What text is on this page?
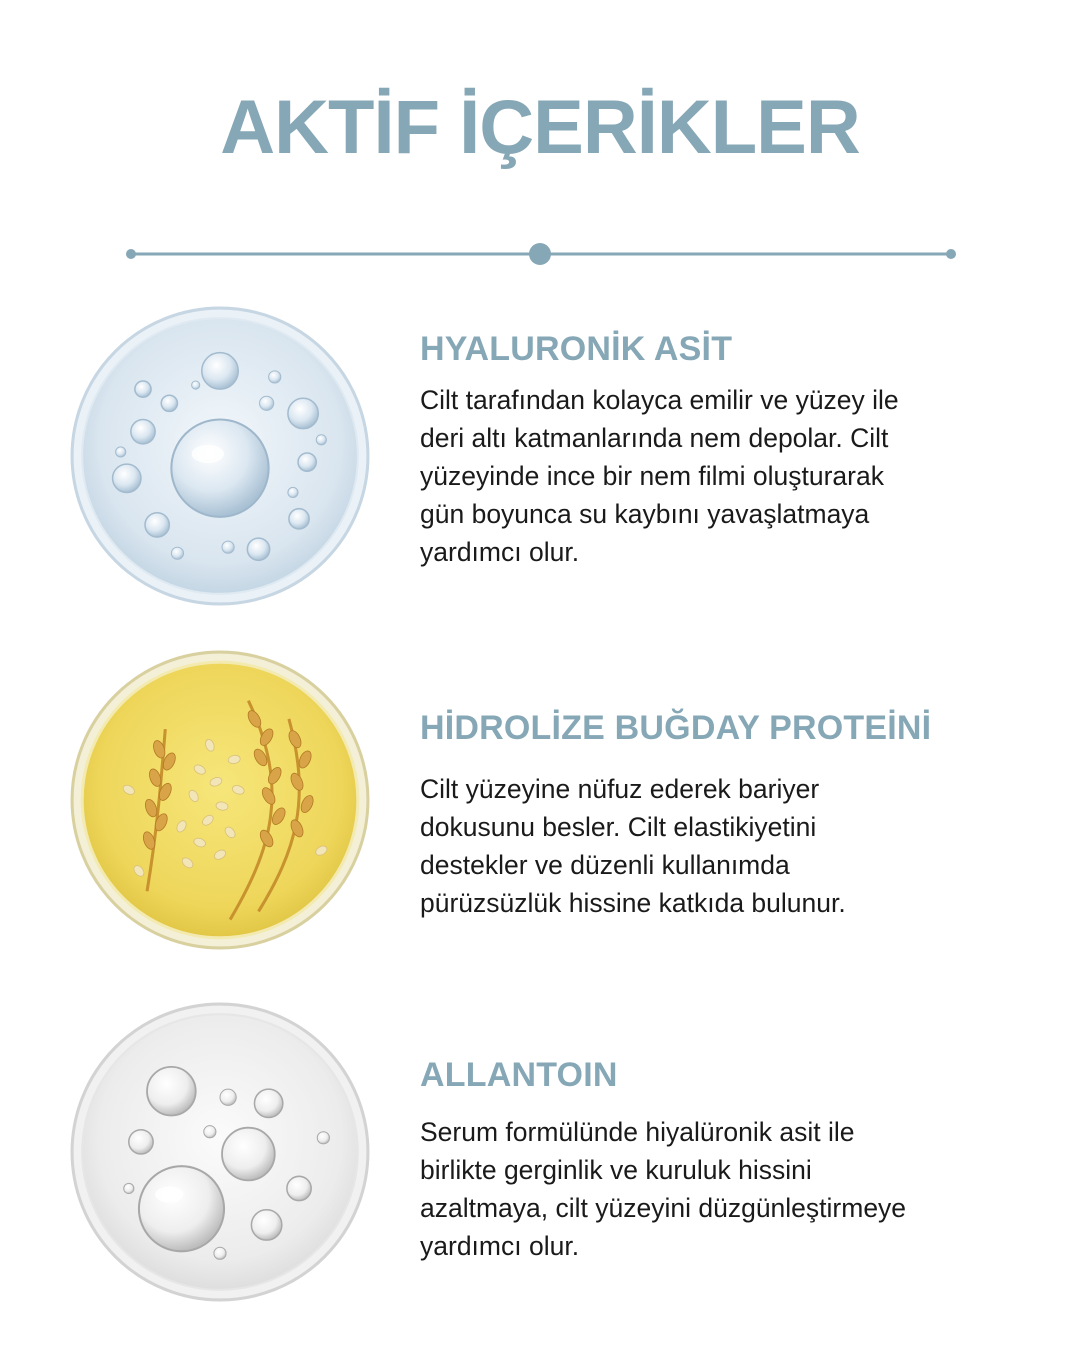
AKTİF İÇERİKLER
HYALURONİK ASİT
Cilt tarafından kolayca emilir ve yüzey ile
deri altı katmanlarında nem depolar. Cilt
yüzeyinde ince bir nem filmi oluşturarak
gün boyunca su kaybını yavaşlatmaya
yardımcı olur.
HİDROLİZE BUĞDAY PROTEİNİ
Cilt yüzeyine nüfuz ederek bariyer
dokusunu besler. Cilt elastikiyetini
destekler ve düzenli kullanımda
pürüzsüzlük hissine katkıda bulunur.
ALLANTOIN
Serum formülünde hiyalüronik asit ile
birlikte gerginlik ve kuruluk hissini
azaltmaya, cilt yüzeyini düzgünleştirmeye
yardımcı olur.
